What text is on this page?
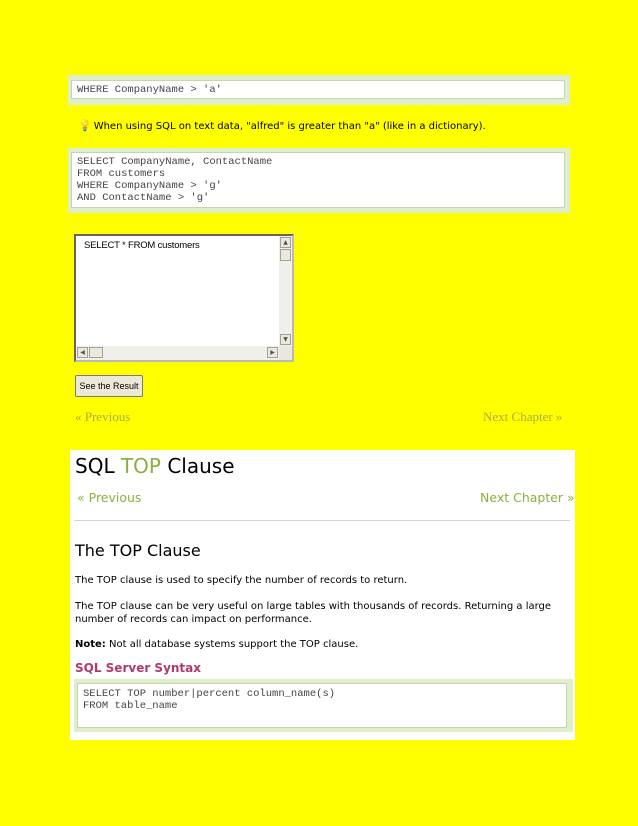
WHERE CompanyName > 'a'
💡 When using SQL on text data, "alfred" is greater than "a" (like in a dictionary).
SELECT CompanyName, ContactName
FROM customers
WHERE CompanyName > 'g'
AND ContactName > 'g'
SELECT * FROM customers	▲
▼
◀	▶
See the Result
« Previous	Next Chapter »
SQL TOP Clause
« Previous	Next Chapter »
The TOP Clause

The TOP clause is used to specify the number of records to return.

The TOP clause can be very useful on large tables with thousands of records. Returning a large number of records can impact on performance.

Note: Not all database systems support the TOP clause.

SQL Server Syntax
SELECT TOP number|percent column_name(s)
FROM table_name
